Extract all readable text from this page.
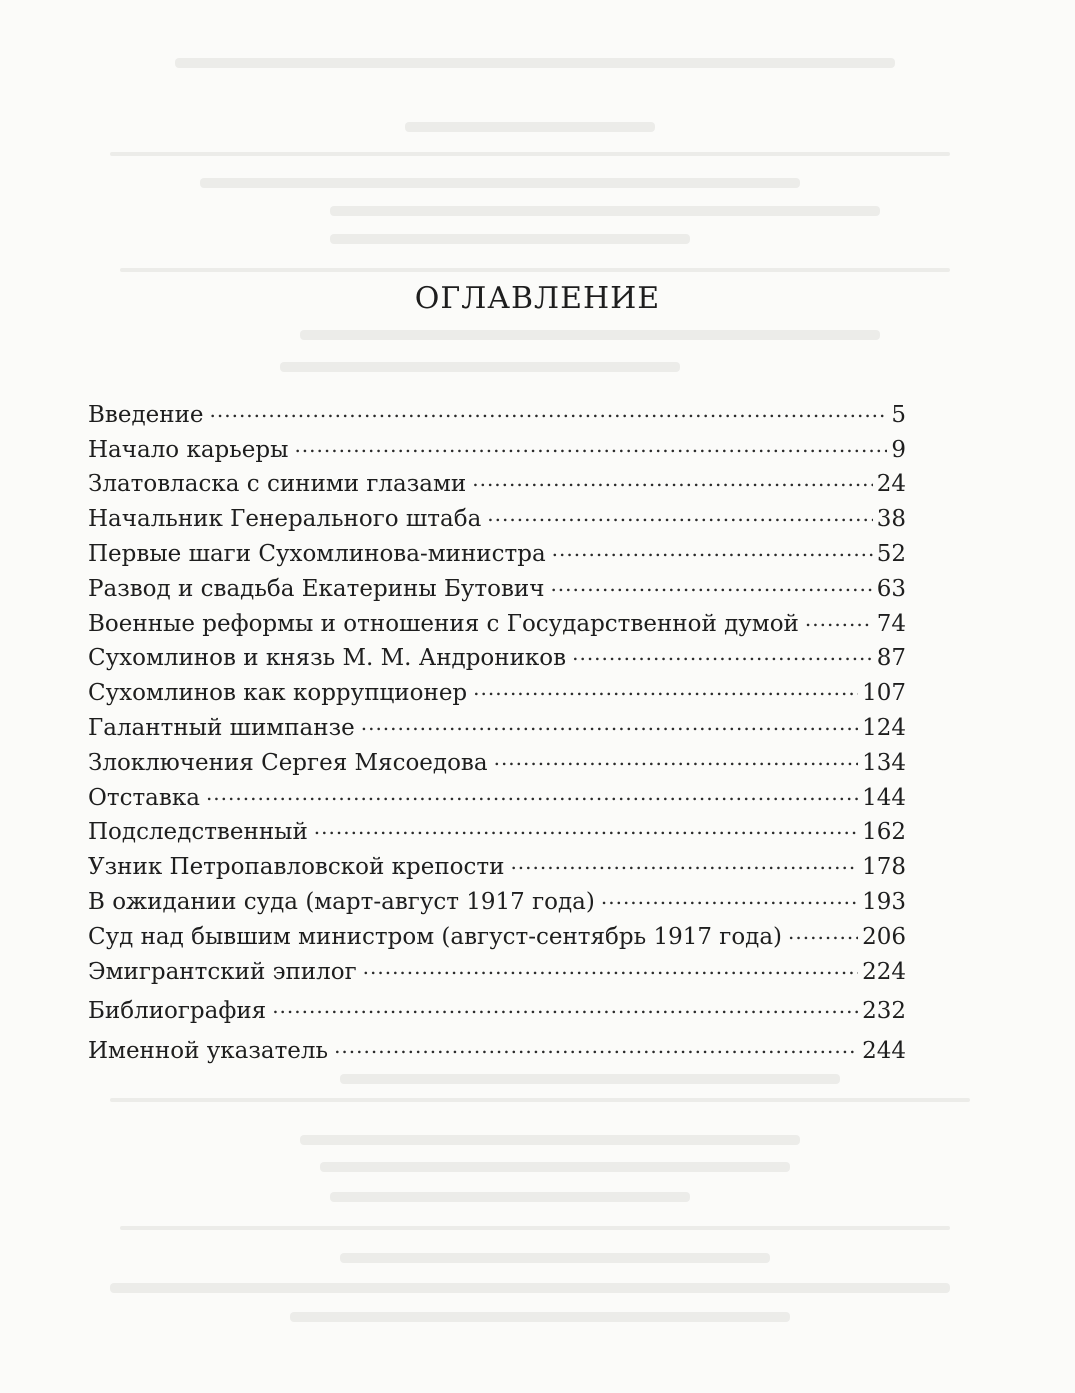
ОГЛАВЛЕНИЕ
Введение .....	5
Начало карьеры .....	9
Златовласка с синими глазами .....	24
Начальник Генерального штаба .....	38
Первые шаги Сухомлинова-министра .....	52
Развод и свадьба Екатерины Бутович .....	63
Военные реформы и отношения с Государственной думой .....	74
Сухомлинов и князь М. М. Андроников .....	87
Сухомлинов как коррупционер .....	107
Галантный шимпанзе .....	124
Злоключения Сергея Мясоедова .....	134
Отставка .....	144
Подследственный .....	162
Узник Петропавловской крепости .....	178
В ожидании суда (март-август 1917 года) .....	193
Суд над бывшим министром (август-сентябрь 1917 года) .....	206
Эмигрантский эпилог .....	224
Библиография .....	232
Именной указатель .....	244
